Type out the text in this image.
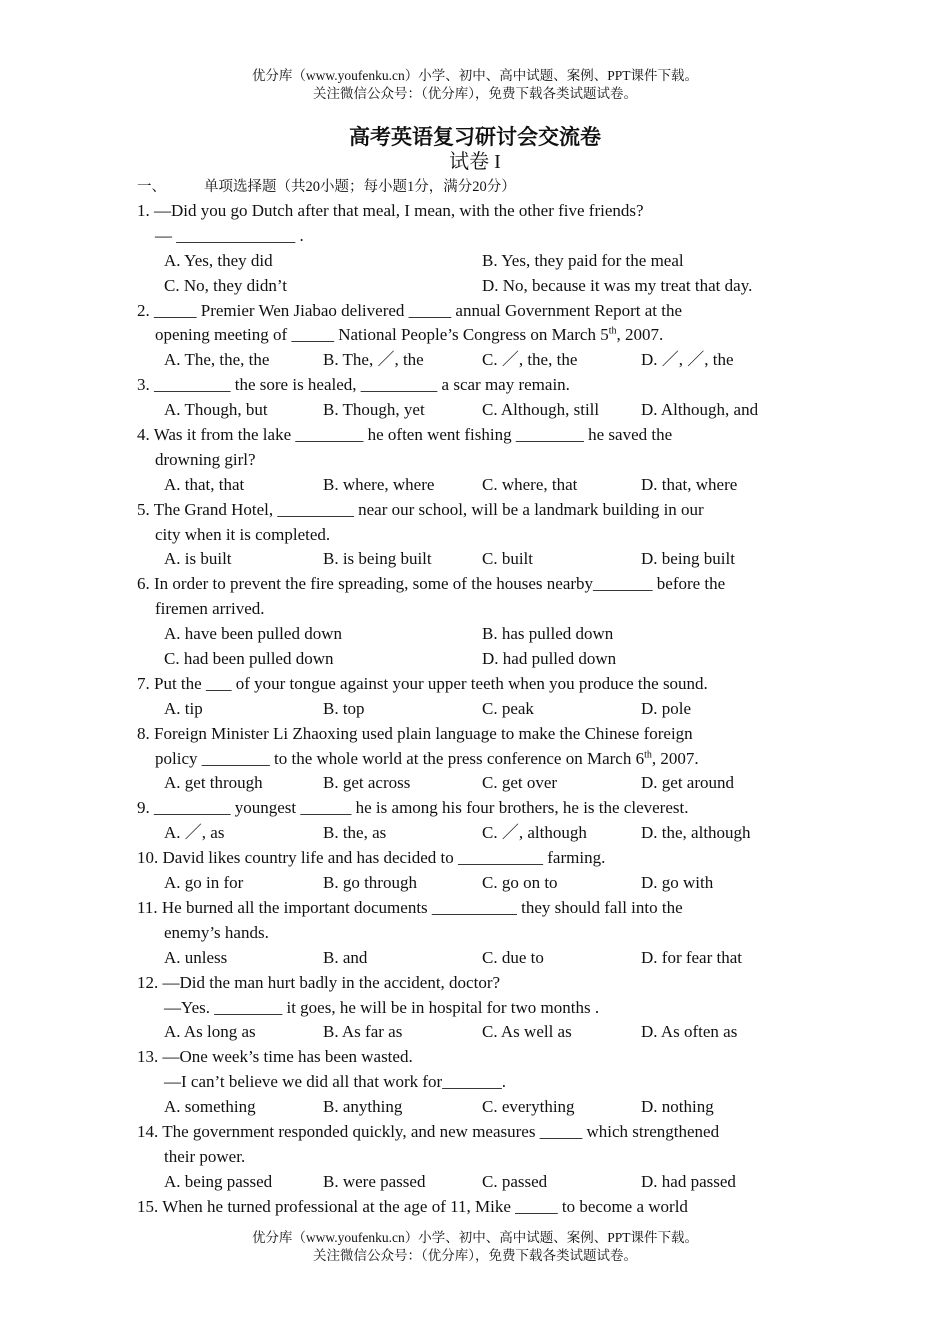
优分库（www.youfenku.cn）小学、初中、高中试题、案例、PPT课件下载。
关注微信公众号：（优分库），免费下载各类试题试卷。
高考英语复习研讨会交流卷
试卷 I
一、	单项选择题（共20小题；每小题1分，满分20分）
1. —Did you go Dutch after that meal, I mean, with the other five friends?
— ______________ .
A. Yes, they did	B. Yes, they paid for the meal
C. No, they didn’t	D. No, because it was my treat that day.
2. _____ Premier Wen Jiabao delivered _____ annual Government Report at the
opening meeting of _____ National People’s Congress on March 5th, 2007.
A. The, the, the	B. The, ／, the	C. ／, the, the	D. ／, ／, the
3. _________ the sore is healed, _________ a scar may remain.
A. Though, but	B. Though, yet	C. Although, still D. Although, and
4. Was it from the lake ________ he often went fishing ________ he saved the
drowning girl?
A. that, that	B. where, where	C. where, that	D. that, where
5. The Grand Hotel, _________ near our school, will be a landmark building in our
city when it is completed.
A. is built	B. is being built	C. built	D. being built
6. In order to prevent the fire spreading, some of the houses nearby_______ before the
firemen arrived.
A. have been pulled down	B. has pulled down
C. had been pulled down	D. had pulled down
7. Put the ___ of your tongue against your upper teeth when you produce the sound.
A. tip	B. top	C. peak	D. pole
8. Foreign Minister Li Zhaoxing used plain language to make the Chinese foreign
policy ________ to the whole world at the press conference on March 6th, 2007.
A. get through	B. get across	C. get over	D. get around
9. _________ youngest ______ he is among his four brothers, he is the cleverest.
A. ／, as	B. the, as	C. ／, although	D. the, although
10. David likes country life and has decided to __________ farming.
A. go in for	B. go through	C. go on to	D. go with
11. He burned all the important documents __________ they should fall into the
enemy’s hands.
A. unless	B. and	C. due to	D. for fear that
12. —Did the man hurt badly in the accident, doctor?
—Yes. ________ it goes, he will be in hospital for two months .
A. As long as	B. As far as	C. As well as	D. As often as
13. —One week’s time has been wasted.
—I can’t believe we did all that work for_______.
A. something	B. anything	C. everything	D. nothing
14. The government responded quickly, and new measures _____ which strengthened
their power.
A. being passed	B. were passed	C. passed	D. had passed
15. When he turned professional at the age of 11, Mike _____ to become a world
优分库（www.youfenku.cn）小学、初中、高中试题、案例、PPT课件下载。
关注微信公众号：（优分库），免费下载各类试题试卷。
